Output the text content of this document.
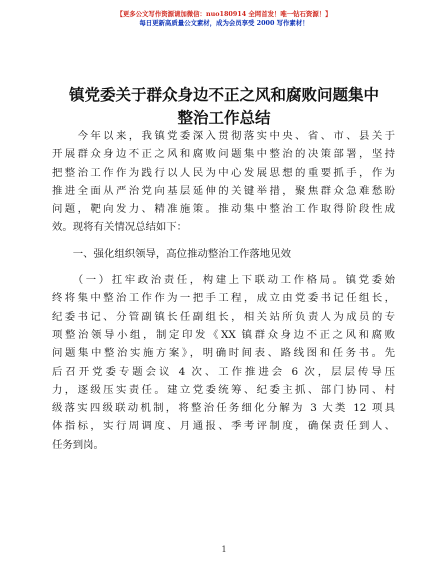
【更多公文写作资源请加微信：nuo180914 全网首发！唯一钻石资源！】
每日更新高质量公文素材，成为会员享受 2000 写作素材！
镇党委关于群众身边不正之风和腐败问题集中
整治工作总结
　　今年以来，我镇党委深入贯彻落实中央、省、市、县关于
开展群众身边不正之风和腐败问题集中整治的决策部署，坚持
把整治工作作为践行以人民为中心发展思想的重要抓手，作为
推进全面从严治党向基层延伸的关键举措，聚焦群众急难愁盼
问题，靶向发力、精准施策。推动集中整治工作取得阶段性成
效。现将有关情况总结如下：
　　一、强化组织领导，高位推动整治工作落地见效
　　（一）扛牢政治责任，构建上下联动工作格局。镇党委始
终将集中整治工作作为一把手工程，成立由党委书记任组长，
纪委书记、分管副镇长任副组长，相关站所负责人为成员的专
项整治领导小组，制定印发《XX 镇群众身边不正之风和腐败
问题集中整治实施方案》，明确时间表、路线图和任务书。先
后召开党委专题会议 4 次、工作推进会 6 次，层层传导压
力，逐级压实责任。建立党委统筹、纪委主抓、部门协同、村
级落实四级联动机制，将整治任务细化分解为 3 大类 12 项具
体指标，实行周调度、月通报、季考评制度，确保责任到人、
任务到岗。
1
